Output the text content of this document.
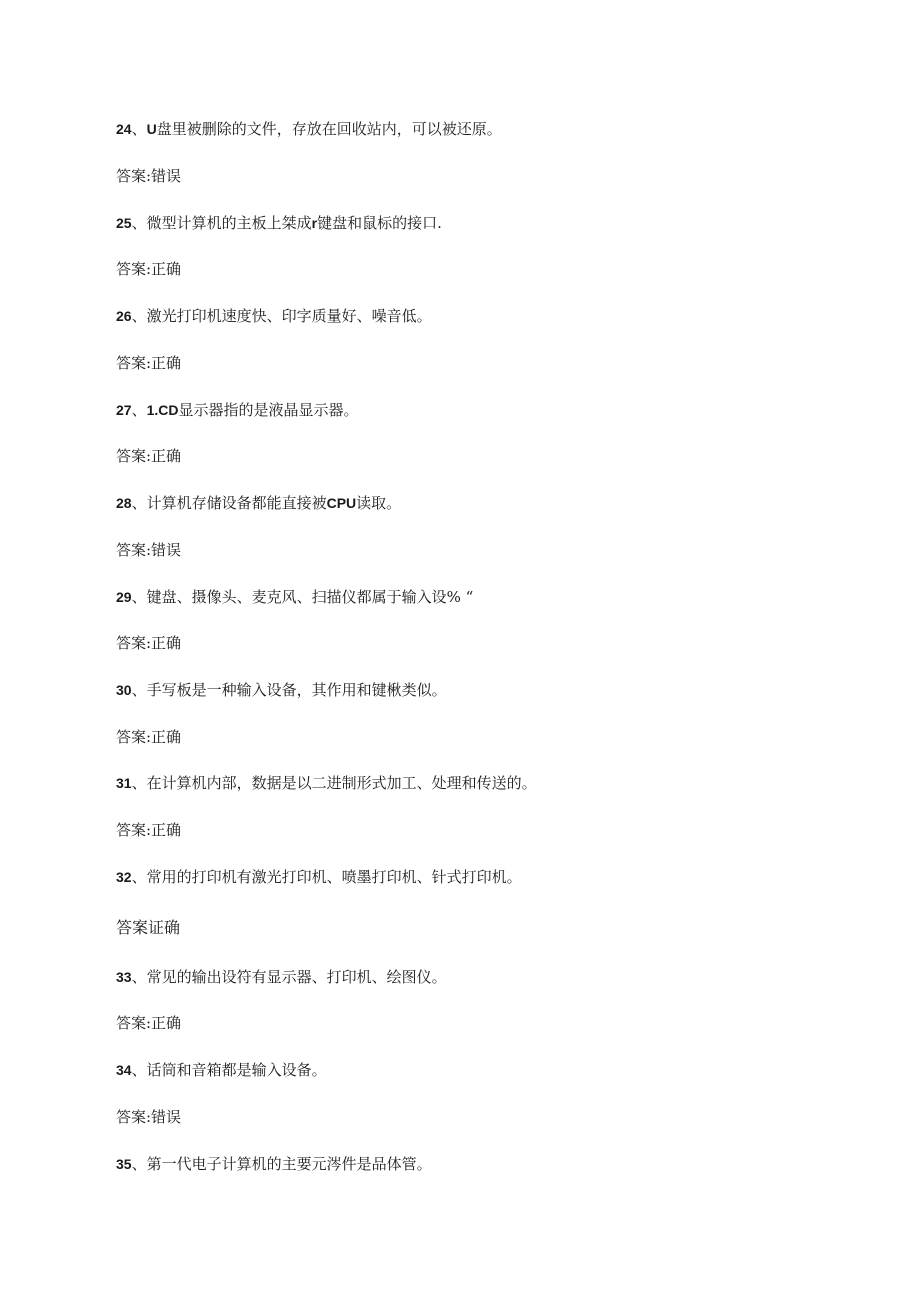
24、U盘里被删除的文件，存放在回收站内，可以被还原。
答案:错误
25、微型计算机的主板上桀成r键盘和鼠标的接口.
答案:正确
26、激光打印机速度快、印字质量好、噪音低。
答案:正确
27、1.CD显示器指的是液晶显示器。
答案:正确
28、计算机存储设备都能直接被CPU读取。
答案:错误
29、键盘、摄像头、麦克风、扫描仪都属于输入设% “
答案:正确
30、手写板是一种输入设备，其作用和键楸类似。
答案:正确
31、在计算机内部，数据是以二进制形式加工、处理和传送的。
答案:正确
32、常用的打印机有激光打印机、喷墨打印机、针式打印机。
答案证确
33、常见的输出设符有显示器、打印机、绘图仪。
答案:正确
34、话筒和音箱都是输入设备。
答案:错误
35、第一代电子计算机的主要元涔件是品体管。
